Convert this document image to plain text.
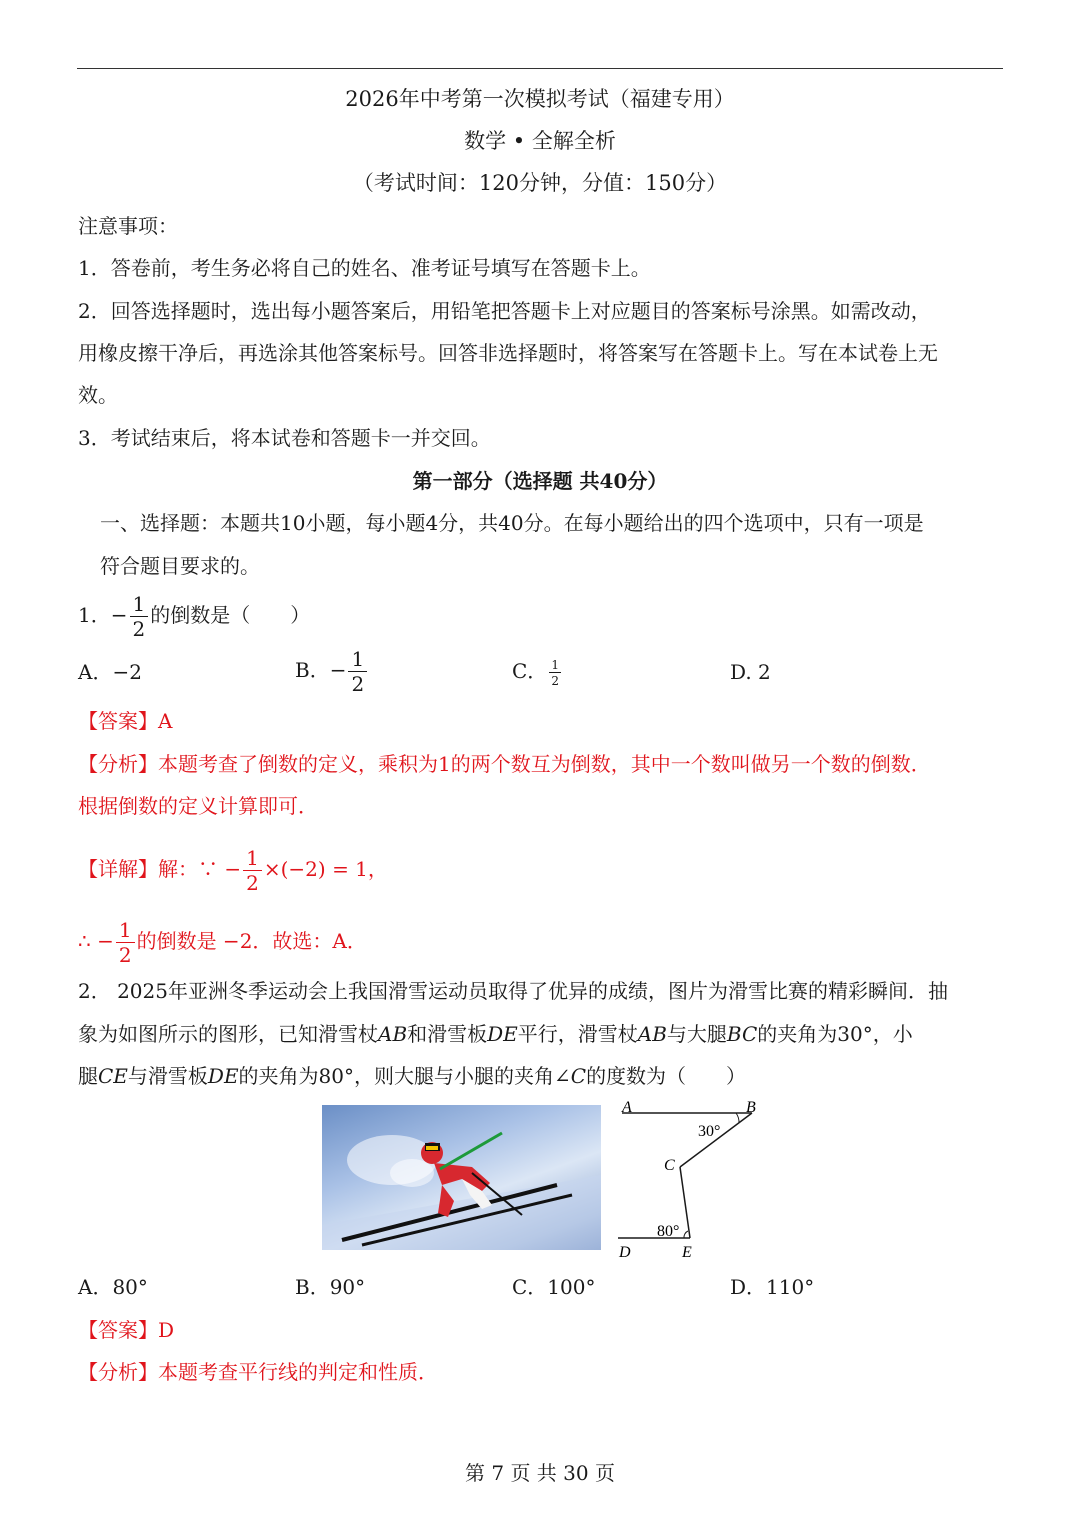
2026年中考第一次模拟考试（福建专用）
数学 • 全解全析
（考试时间：120分钟，分值：150分）
注意事项：
1．答卷前，考生务必将自己的姓名、准考证号填写在答题卡上。
2．回答选择题时，选出每小题答案后，用铅笔把答题卡上对应题目的答案标号涂黑。如需改动，
用橡皮擦干净后，再选涂其他答案标号。回答非选择题时，将答案写在答题卡上。写在本试卷上无
效。
3．考试结束后，将本试卷和答题卡一并交回。
第一部分（选择题 共40分）
一、选择题：本题共10小题，每小题4分，共40分。在每小题给出的四个选项中，只有一项是
符合题目要求的。
1．− $\frac{1}{2}$ 的倒数是（　　）
A．−2	B．− $\frac{1}{2}$	C． $\frac{1}{2}$	D. 2
【答案】A
【分析】本题考查了倒数的定义，乘积为1的两个数互为倒数，其中一个数叫做另一个数的倒数．
根据倒数的定义计算即可．
【详解】解：∵ − $\frac{1}{2} \times(-2) = 1$，
∴ − $\frac{1}{2}$ 的倒数是 −2．故选：A．
2． 2025年亚洲冬季运动会上我国滑雪运动员取得了优异的成绩，图片为滑雪比赛的精彩瞬间．抽
象为如图所示的图形，已知滑雪杖AB和滑雪板DE平行，滑雪杖AB与大腿BC的夹角为30°，小
腿CE与滑雪板DE的夹角为80°，则大腿与小腿的夹角∠C的度数为（　　）
A	B
C
D	E
30°
80°
A．80°	B．90°	C．100°	D．110°
【答案】D
【分析】本题考查平行线的判定和性质．
第 7 页 共 30 页
